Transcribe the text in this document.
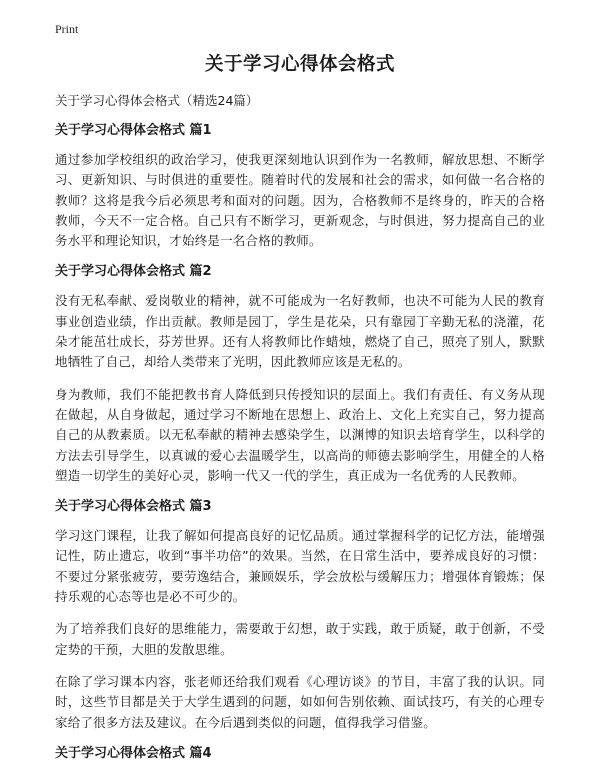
Print
关于学习心得体会格式
关于学习心得体会格式（精选24篇）
关于学习心得体会格式 篇1
通过参加学校组织的政治学习，使我更深刻地认识到作为一名教师，解放思想、不断学习、更新知识、与时俱进的重要性。随着时代的发展和社会的需求，如何做一名合格的教师？这将是我今后必须思考和面对的问题。因为，合格教师不是终身的，昨天的合格教师，今天不一定合格。自己只有不断学习，更新观念，与时俱进，努力提高自己的业务水平和理论知识，才始终是一名合格的教师。
关于学习心得体会格式 篇2
没有无私奉献、爱岗敬业的精神，就不可能成为一名好教师，也决不可能为人民的教育事业创造业绩，作出贡献。教师是园丁，学生是花朵，只有靠园丁辛勤无私的浇灌，花朵才能茁壮成长，芬芳世界。还有人将教师比作蜡烛，燃烧了自己，照亮了别人，默默地牺牲了自己，却给人类带来了光明，因此教师应该是无私的。
身为教师，我们不能把教书育人降低到只传授知识的层面上。我们有责任、有义务从现在做起，从自身做起，通过学习不断地在思想上、政治上、文化上充实自己，努力提高自己的从教素质。以无私奉献的精神去感染学生，以渊博的知识去培育学生，以科学的方法去引导学生，以真诚的爱心去温暖学生，以高尚的师德去影响学生，用健全的人格塑造一切学生的美好心灵，影响一代又一代的学生，真正成为一名优秀的人民教师。
关于学习心得体会格式 篇3
学习这门课程，让我了解如何提高良好的记忆品质。通过掌握科学的记忆方法，能增强记性，防止遗忘，收到“事半功倍”的效果。当然，在日常生活中，要养成良好的习惯：不要过分紧张疲劳，要劳逸结合，兼顾娱乐，学会放松与缓解压力；增强体育锻炼；保持乐观的心态等也是必不可少的。
为了培养我们良好的思维能力，需要敢于幻想，敢于实践，敢于质疑，敢于创新，不受定势的干预，大胆的发散思维。
在除了学习课本内容，张老师还给我们观看《心理访谈》的节目，丰富了我的认识。同时，这些节目都是关于大学生遇到的问题，如如何告别依赖、面试技巧，有关的心理专家给了很多方法及建议。在今后遇到类似的问题，值得我学习借鉴。
关于学习心得体会格式 篇4
